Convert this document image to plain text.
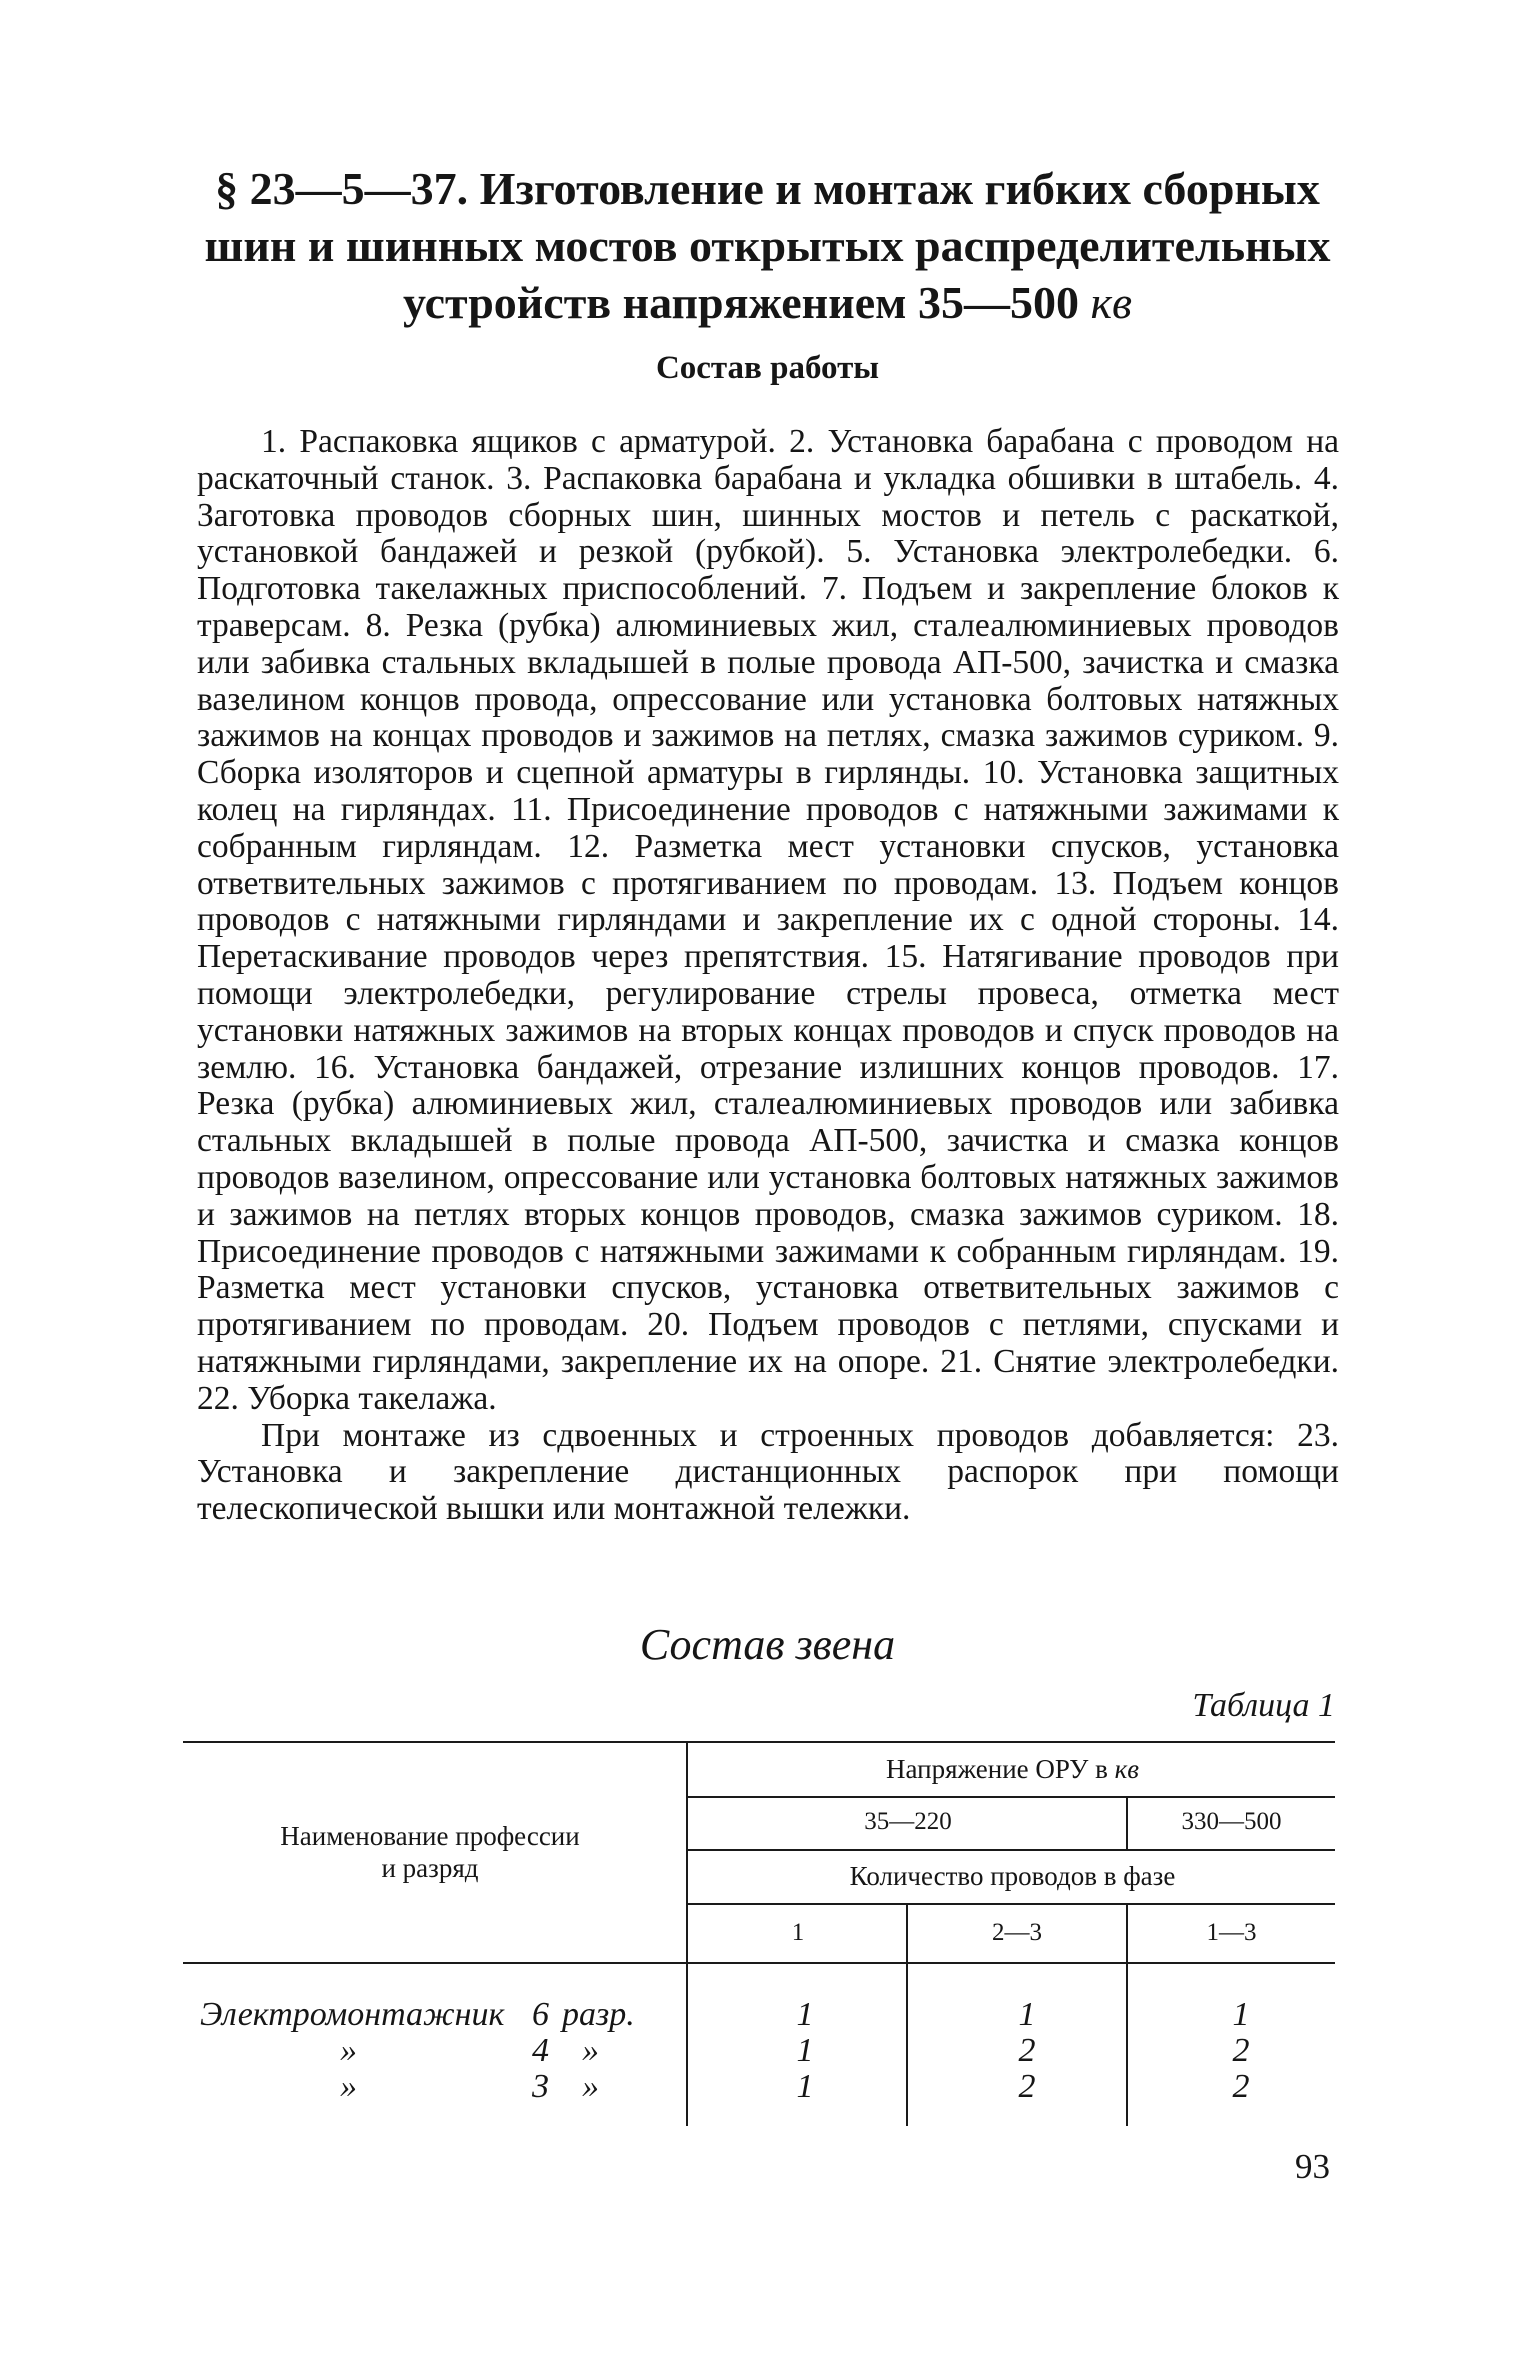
§ 23—5—37. Изготовление и монтаж гибких сборных
шин и шинных мостов открытых распределительных
устройств напряжением 35—500 кв
Состав работы

1. Распаковка ящиков с арматурой. 2. Установка барабана с проводом на раскаточный станок. 3. Распаковка барабана и укладка обшивки в штабель. 4. Заготовка проводов сборных шин, шинных мостов и петель с раскаткой, установкой бандажей и резкой (рубкой). 5. Установка электролебедки. 6. Подготовка такелажных приспособлений. 7. Подъем и закрепление блоков к траверсам. 8. Резка (рубка) алюминиевых жил, сталеалюминиевых проводов или забивка стальных вкладышей в полые провода АП-500, зачистка и смазка вазелином концов провода, опрессование или установка болтовых натяжных зажимов на концах проводов и зажимов на петлях, смазка зажимов суриком. 9. Сборка изоляторов и сцепной арматуры в гирлянды. 10. Установка защитных колец на гирляндах. 11. Присоединение проводов с натяжными зажимами к собранным гирляндам. 12. Разметка мест установки спусков, установка ответвительных зажимов с протягиванием по проводам. 13. Подъем концов проводов с натяжными гирляндами и закрепление их с одной стороны. 14. Перетаскивание проводов через препятствия. 15. Натягивание проводов при помощи электролебедки, регулирование стрелы провеса, отметка мест установки натяжных зажимов на вторых концах проводов и спуск проводов на землю. 16. Установка бандажей, отрезание излишних концов проводов. 17. Резка (рубка) алюминиевых жил, сталеалюминиевых проводов или забивка стальных вкладышей в полые провода АП-500, зачистка и смазка концов проводов вазелином, опрессование или установка болтовых натяжных зажимов и зажимов на петлях вторых концов проводов, смазка зажимов суриком. 18. Присоединение проводов с натяжными зажимами к собранным гирляндам. 19. Разметка мест установки спусков, установка ответвительных зажимов с протягиванием по проводам. 20. Подъем проводов с петлями, спусками и натяжными гирляндами, закрепление их на опоре. 21. Снятие электролебедки. 22. Уборка такелажа.

При монтаже из сдвоенных и строенных проводов добавляется: 23. Установка и закрепление дистанционных распорок при помощи телескопической вышки или монтажной тележки.

Состав звена
Таблица 1
Наименование профессии
и разряд
Напряжение ОРУ в кв
35—220	330—500
Количество проводов в фазе
1	2—3	1—3
Электромонтажник 6 разр.	1	1	1
»	4 »	1	2	2
»	3 »	1	2	2
93
